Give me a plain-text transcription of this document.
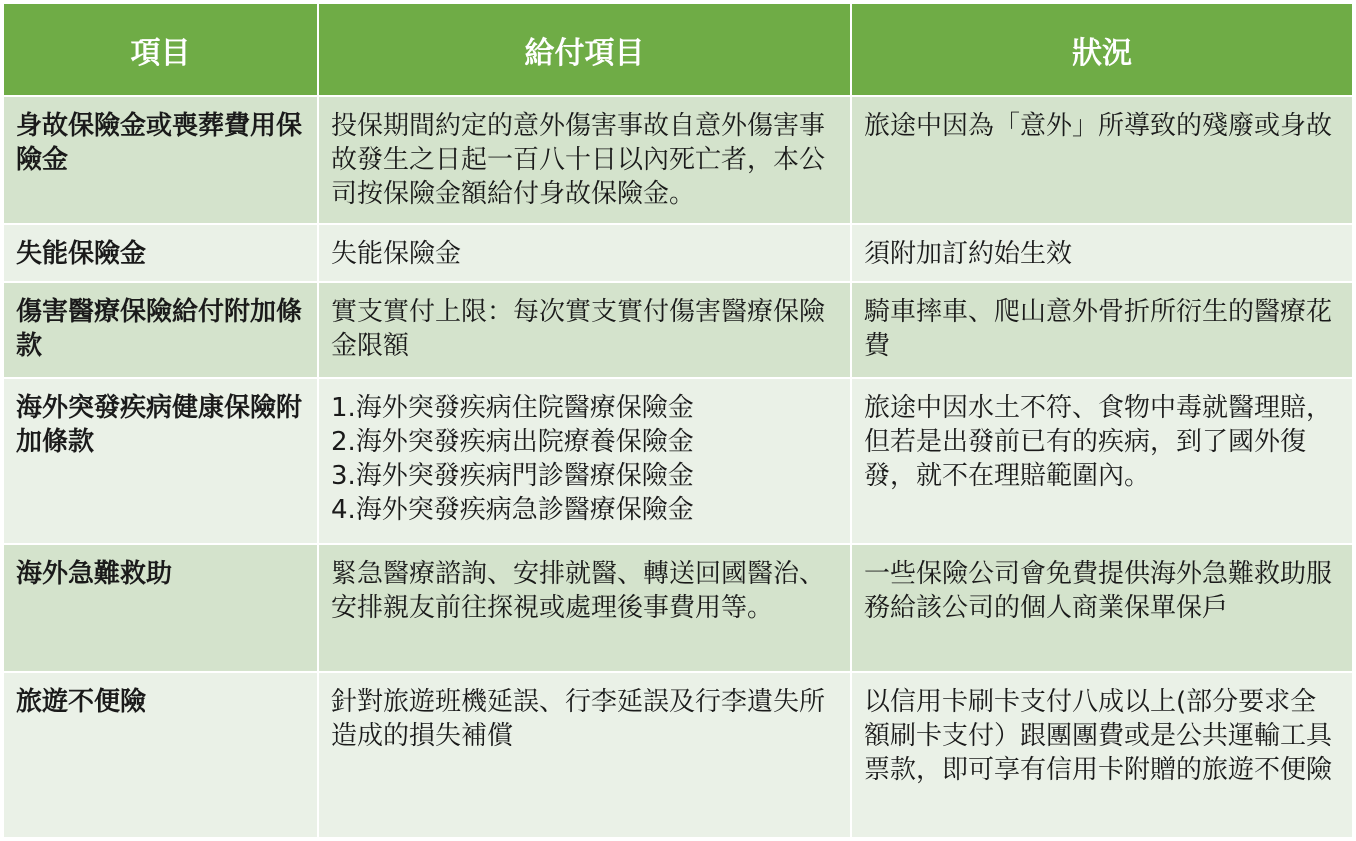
項目	給付項目	狀況
身故保險金或喪葬費用保險金	投保期間約定的意外傷害事故自意外傷害事故發生之日起一百八十日以內死亡者，本公司按保險金額給付身故保險金。	旅途中因為「意外」所導致的殘廢或身故
失能保險金	失能保險金	須附加訂約始生效
傷害醫療保險給付附加條款	實支實付上限：每次實支實付傷害醫療保險金限額	騎車摔車、爬山意外骨折所衍生的醫療花費
海外突發疾病健康保險附加條款	1.海外突發疾病住院醫療保險金
2.海外突發疾病出院療養保險金
3.海外突發疾病門診醫療保險金
4.海外突發疾病急診醫療保險金	旅途中因水土不符、食物中毒就醫理賠，但若是出發前已有的疾病，到了國外復發，就不在理賠範圍內。
海外急難救助	緊急醫療諮詢、安排就醫、轉送回國醫治、安排親友前往探視或處理後事費用等。	一些保險公司會免費提供海外急難救助服務給該公司的個人商業保單保戶
旅遊不便險	針對旅遊班機延誤、行李延誤及行李遺失所造成的損失補償	以信用卡刷卡支付八成以上(部分要求全額刷卡支付）跟團團費或是公共運輸工具票款，即可享有信用卡附贈的旅遊不便險
